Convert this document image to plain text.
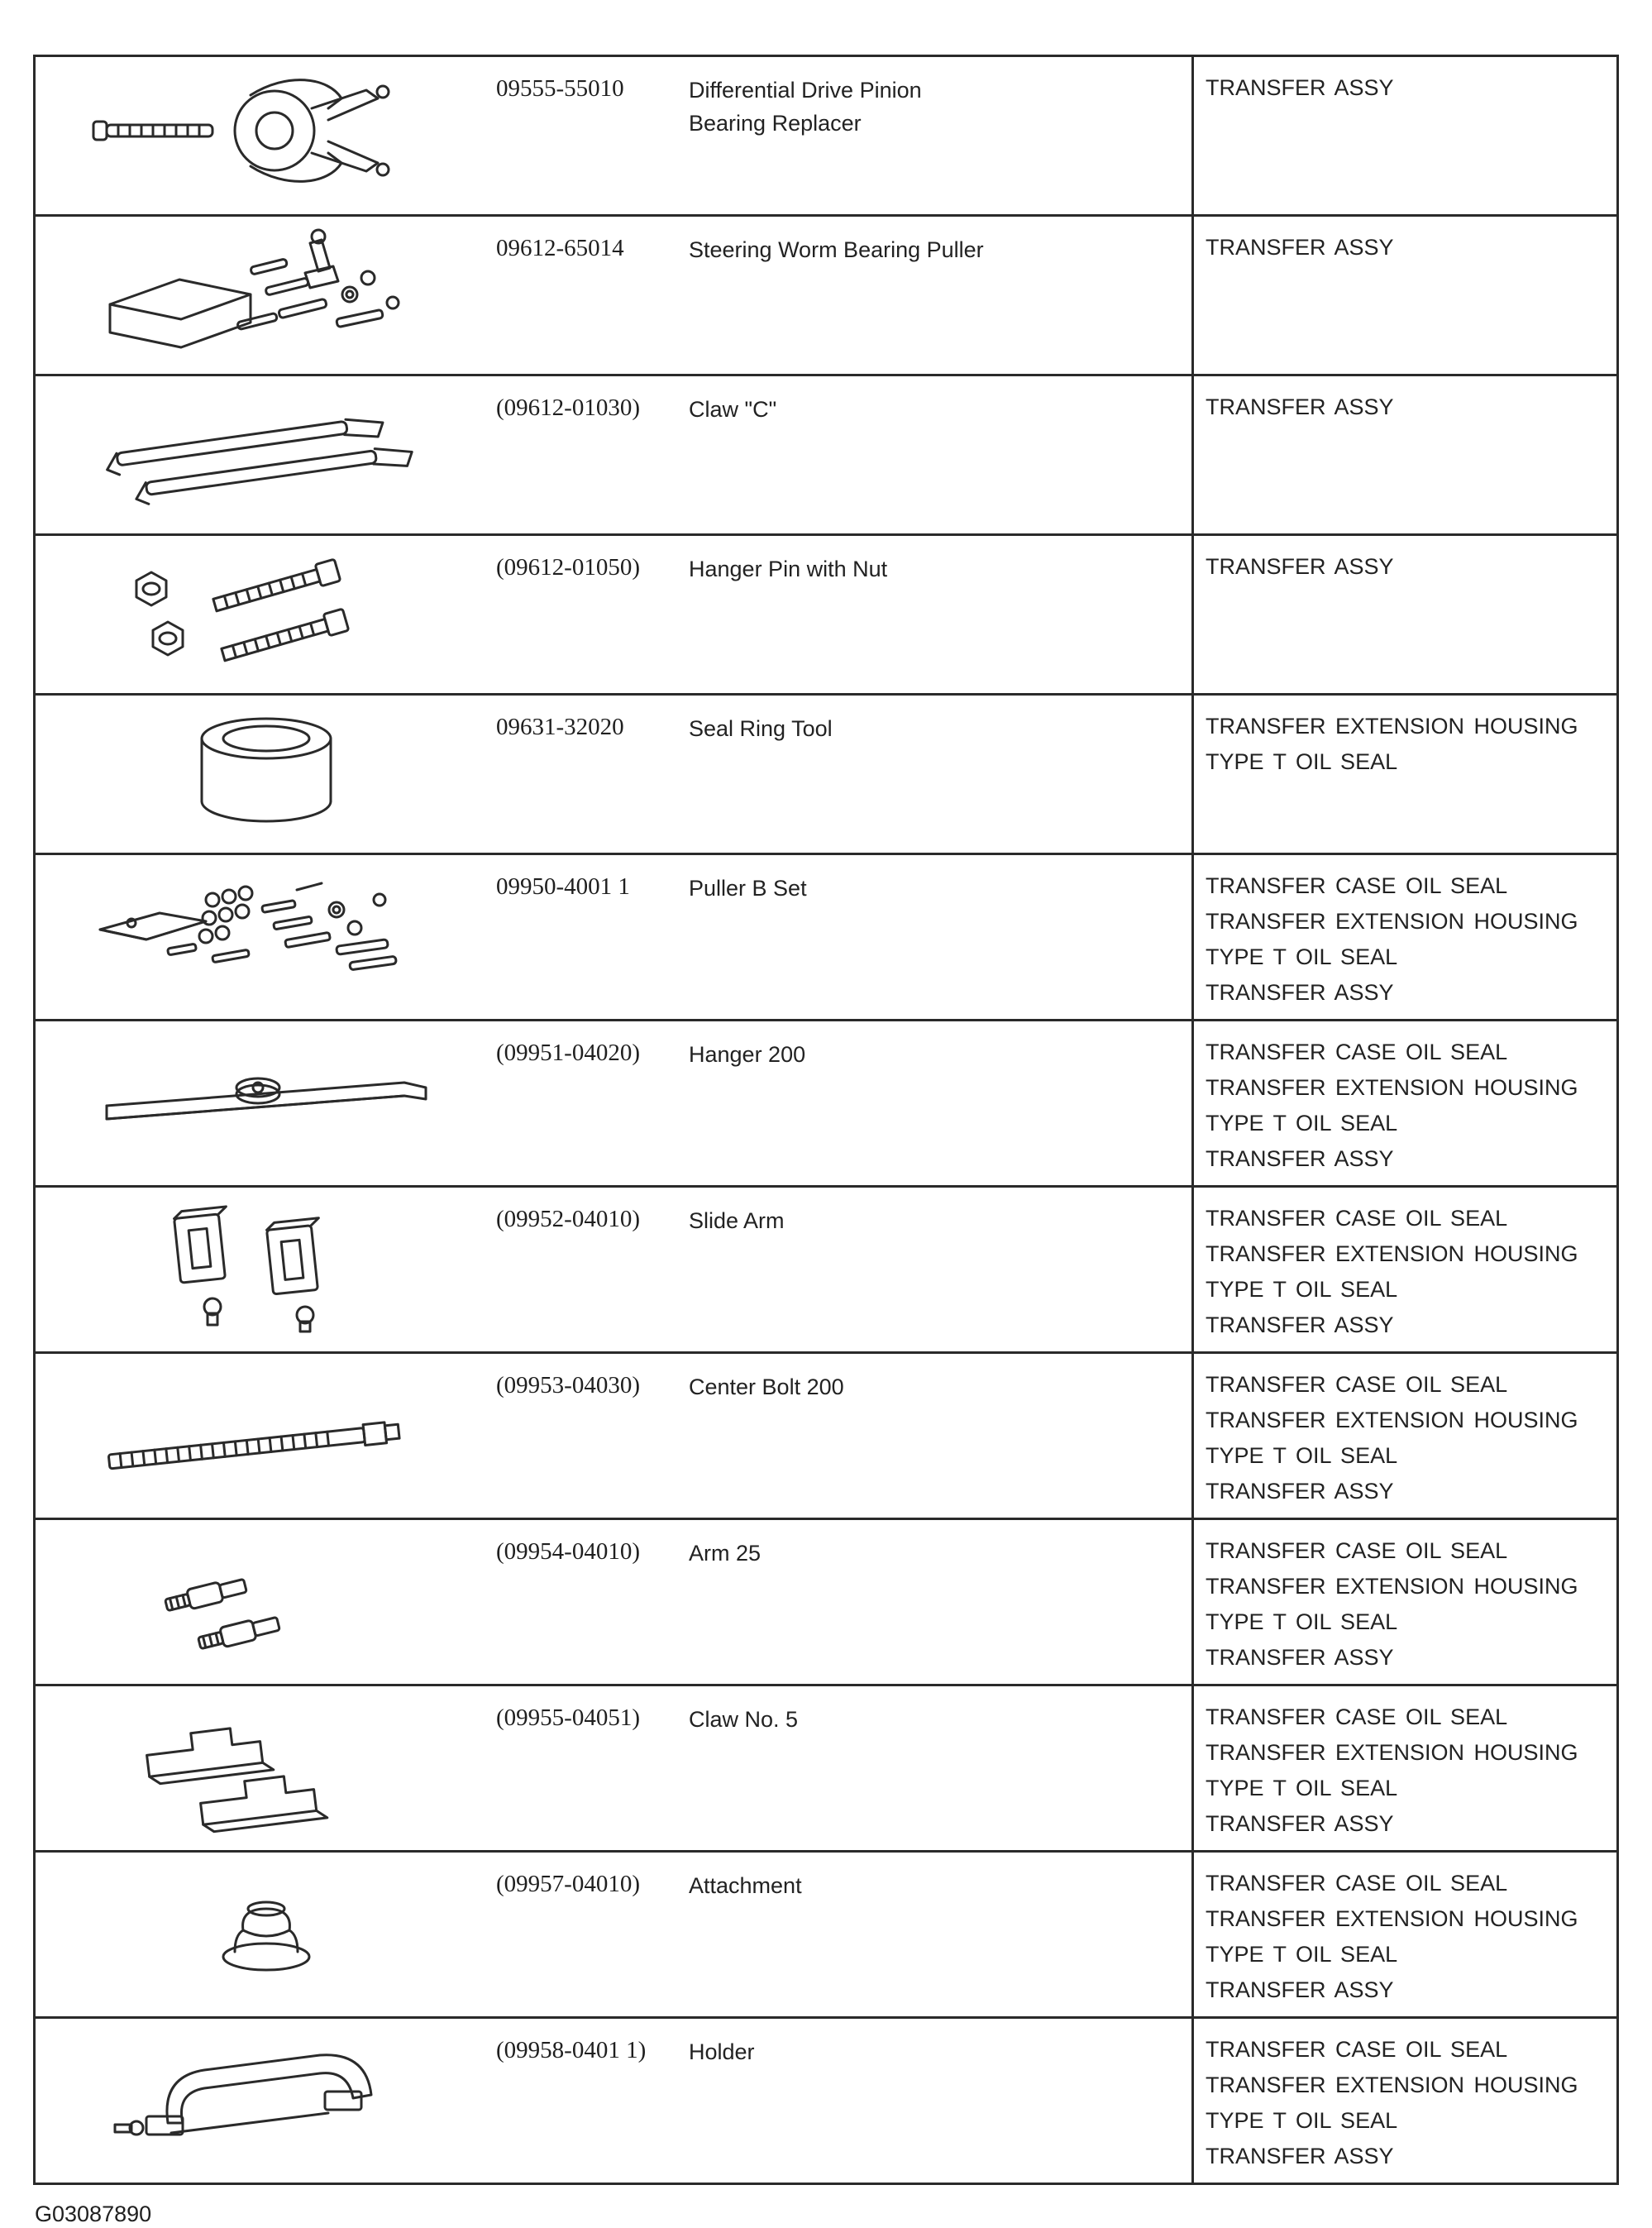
09555-55010	Differential Drive Pinion
Bearing Replacer
TRANSFER ASSY
09612-65014	Steering Worm Bearing Puller	TRANSFER ASSY
(09612-01030)	Claw "C"	TRANSFER ASSY
(09612-01050)	Hanger Pin with Nut	TRANSFER ASSY
09631-32020	Seal Ring Tool	TRANSFER EXTENSION HOUSING
TYPE T OIL SEAL
09950-4001 1	Puller B Set	TRANSFER CASE OIL SEAL
TRANSFER EXTENSION HOUSING
TYPE T OIL SEAL
TRANSFER ASSY
(09951-04020)	Hanger 200	TRANSFER CASE OIL SEAL
TRANSFER EXTENSION HOUSING
TYPE T OIL SEAL
TRANSFER ASSY
(09952-04010)	Slide Arm	TRANSFER CASE OIL SEAL
TRANSFER EXTENSION HOUSING
TYPE T OIL SEAL
TRANSFER ASSY
(09953-04030)	Center Bolt 200	TRANSFER CASE OIL SEAL
TRANSFER EXTENSION HOUSING
TYPE T OIL SEAL
TRANSFER ASSY
(09954-04010)	Arm 25	TRANSFER CASE OIL SEAL
TRANSFER EXTENSION HOUSING
TYPE T OIL SEAL
TRANSFER ASSY
(09955-04051)	Claw No. 5	TRANSFER CASE OIL SEAL
TRANSFER EXTENSION HOUSING
TYPE T OIL SEAL
TRANSFER ASSY
(09957-04010)	Attachment	TRANSFER CASE OIL SEAL
TRANSFER EXTENSION HOUSING
TYPE T OIL SEAL
TRANSFER ASSY
(09958-0401 1)	Holder	TRANSFER CASE OIL SEAL
TRANSFER EXTENSION HOUSING
TYPE T OIL SEAL
TRANSFER ASSY
G03087890
